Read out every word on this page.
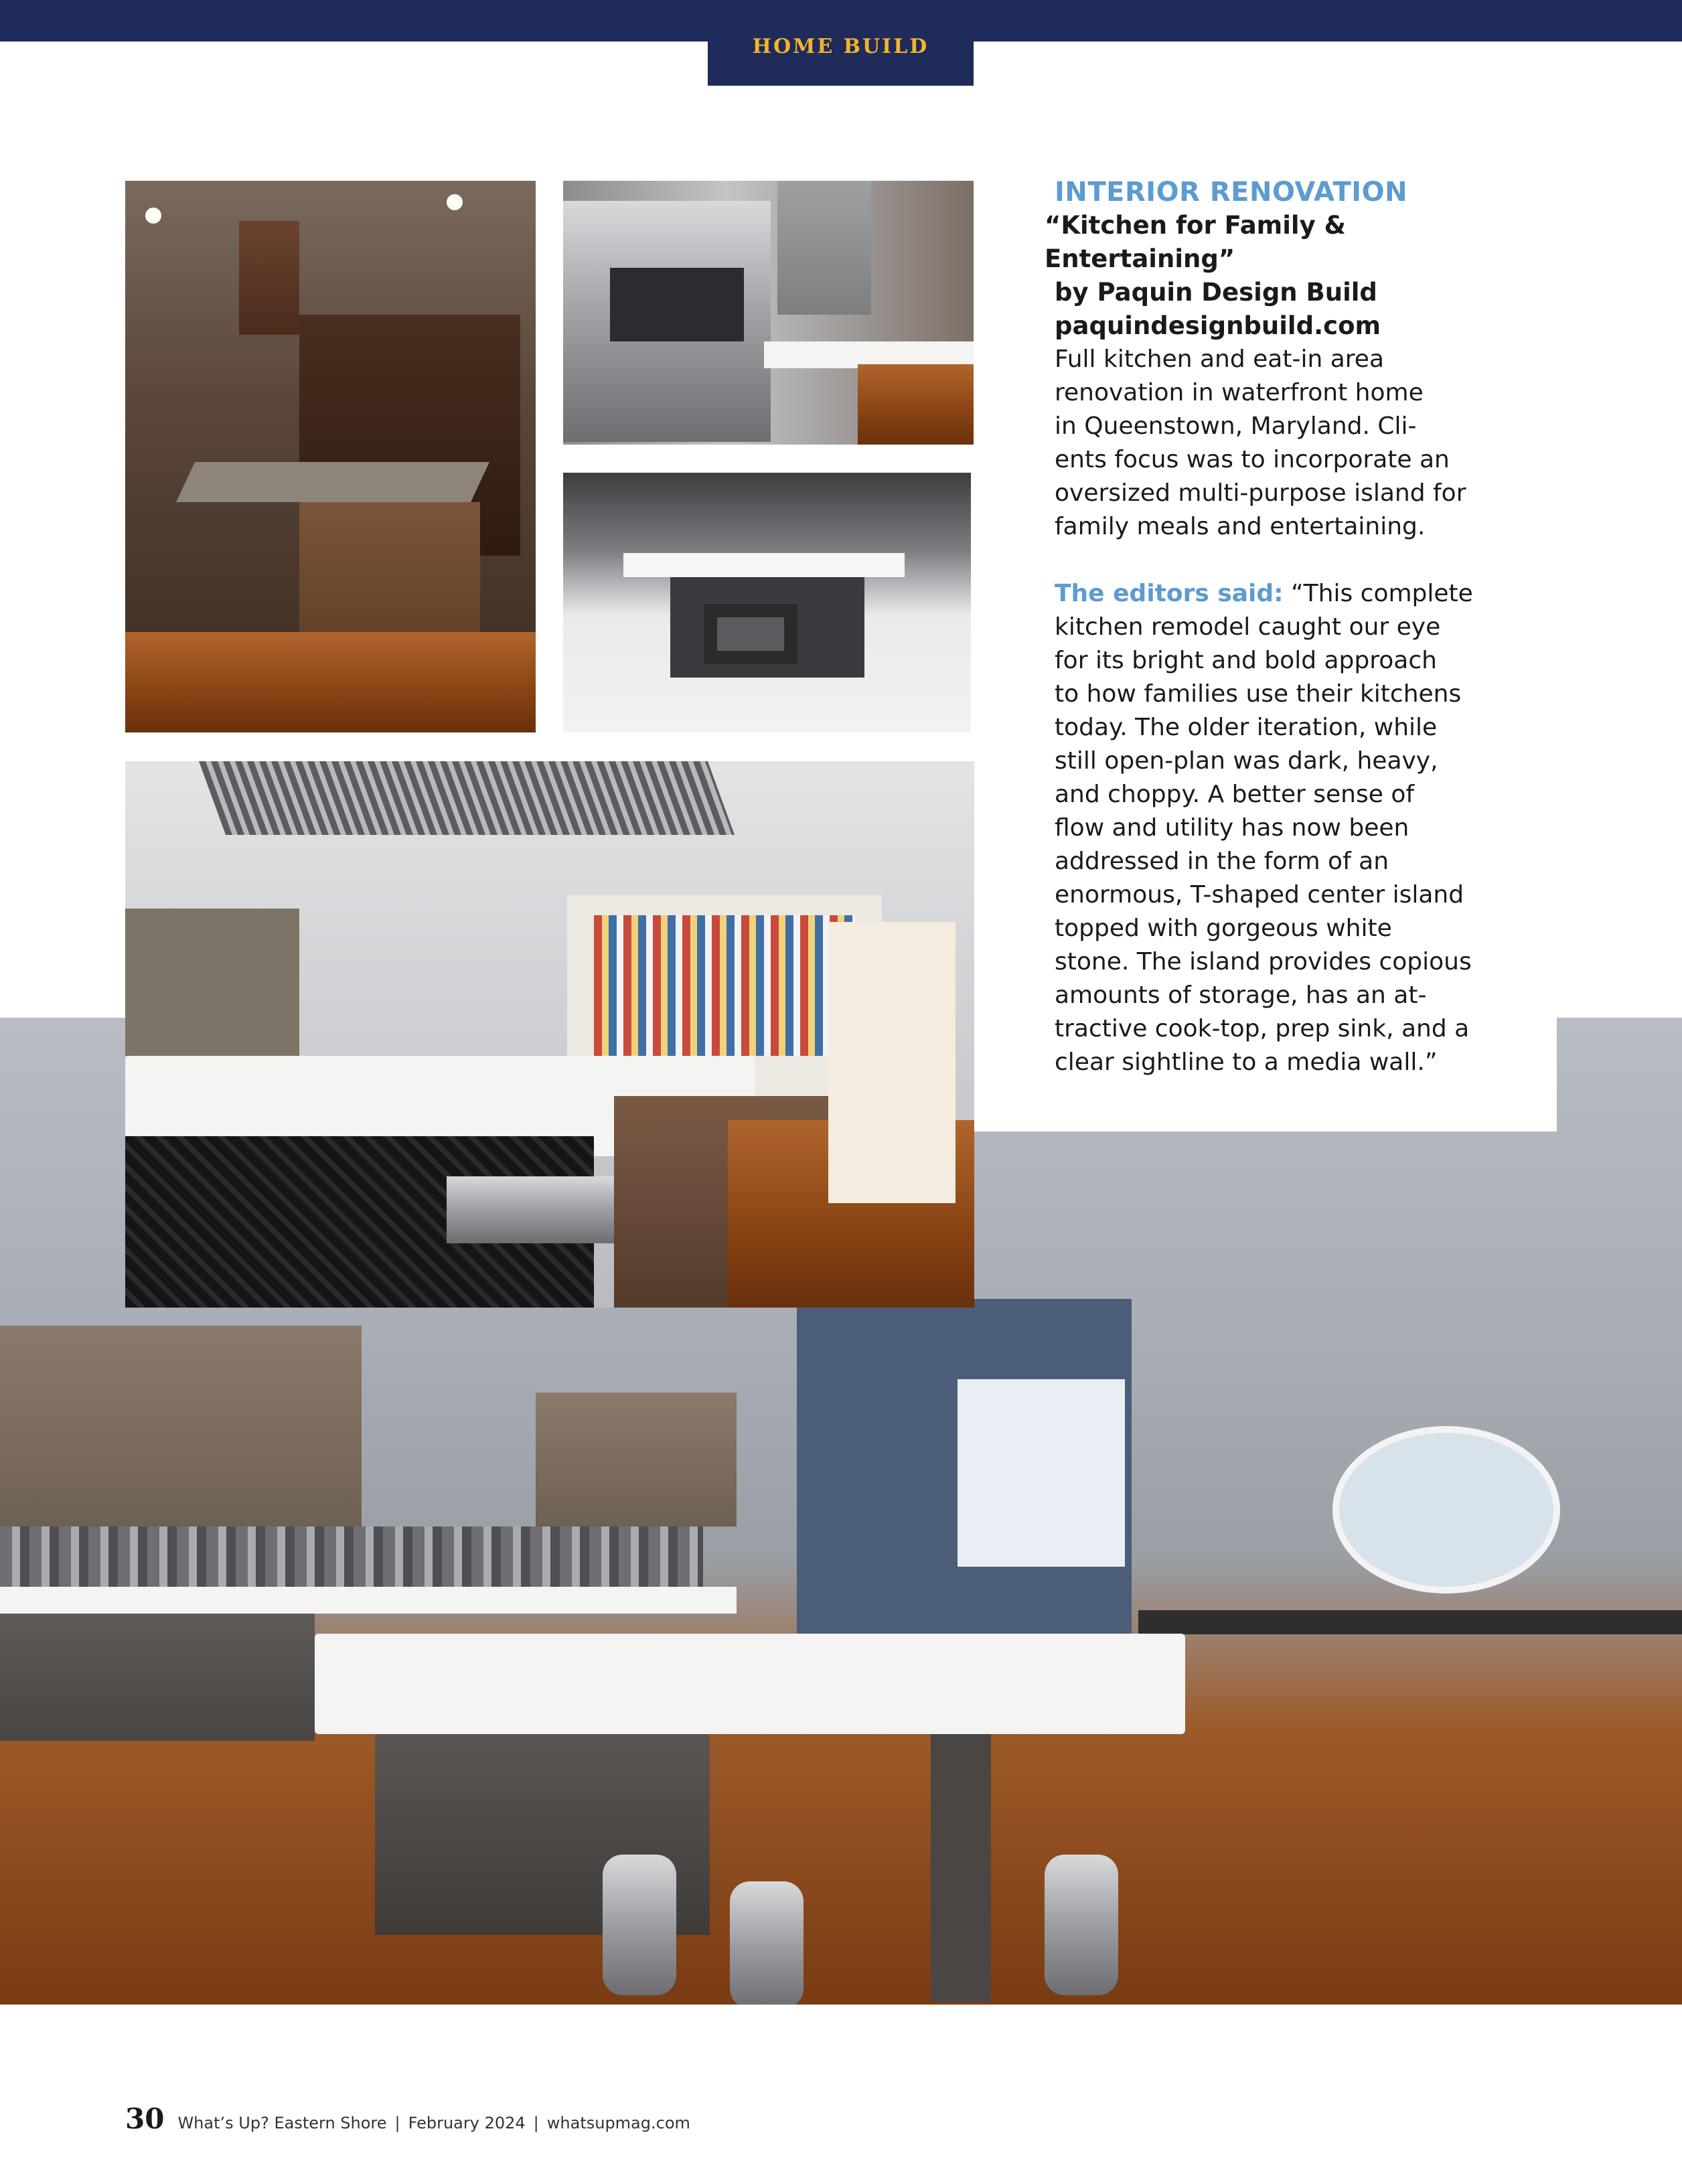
HOME BUILD
INTERIOR RENOVATION
“Kitchen for Family & Entertaining”
by Paquin Design Build
paquindesignbuild.com
Full kitchen and eat-in area
renovation in waterfront home
in Queenstown, Maryland. Cli-
ents focus was to incorporate an
oversized multi-purpose island for
family meals and entertaining.
The editors said: “This complete
kitchen remodel caught our eye
for its bright and bold approach
to how families use their kitchens
today. The older iteration, while
still open-plan was dark, heavy,
and choppy. A better sense of
flow and utility has now been
addressed in the form of an
enormous, T-shaped center island
topped with gorgeous white
stone. The island provides copious
amounts of storage, has an at-
tractive cook-top, prep sink, and a
clear sightline to a media wall.”
30 What’s Up? Eastern Shore | February 2024 | whatsupmag.com
